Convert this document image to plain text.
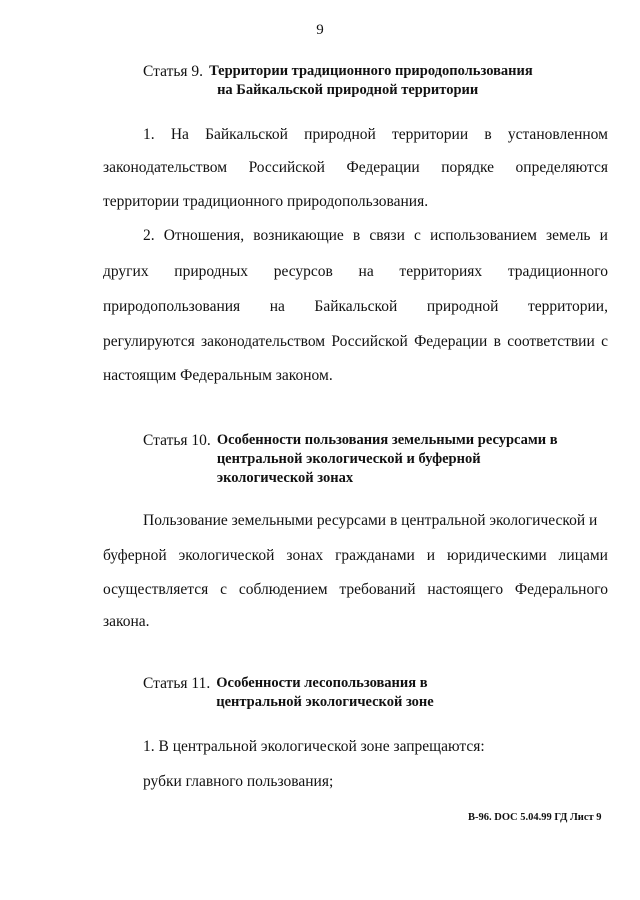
9
Статья 9. Территории традиционного природопользования
на Байкальской природной территории
1. На Байкальской природной территории в установленном
законодательством Российской Федерации порядке определяются
территории традиционного природопользования.
2. Отношения, возникающие в связи с использованием земель и
других природных ресурсов на территориях традиционного
природопользования на Байкальской природной территории,
регулируются законодательством Российской Федерации в соответствии с
настоящим Федеральным законом.
Статья 10. Особенности пользования земельными ресурсами в
центральной экологической и буферной
экологической зонах
Пользование земельными ресурсами в центральной экологической и
буферной экологической зонах гражданами и юридическими лицами
осуществляется с соблюдением требований настоящего Федерального
закона.
Статья 11. Особенности лесопользования в
центральной экологической зоне
1. В центральной экологической зоне запрещаются:
рубки главного пользования;
В-96. DOC 5.04.99 ГД Лист 9
